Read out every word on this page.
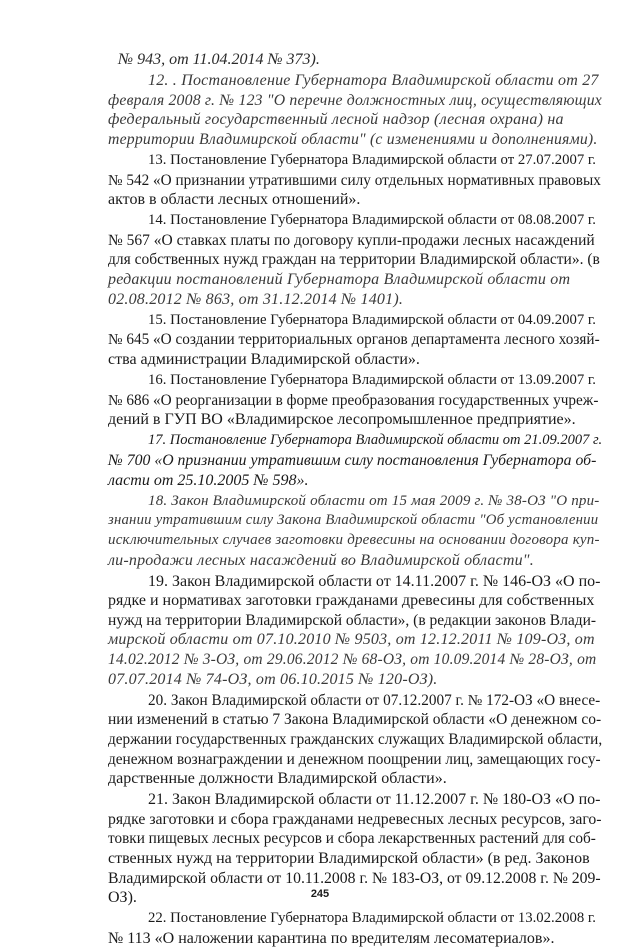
№ 943, от 11.04.2014 № 373).
12. . Постановление Губернатора Владимирской области от 27
февраля 2008 г. № 123 "О перечне должностных лиц, осуществляющих
федеральный государственный лесной надзор (лесная охрана) на
территории Владимирской области" (с изменениями и дополнениями).
13. Постановление Губернатора Владимирской области от 27.07.2007 г.
№ 542 «О признании утратившими силу отдельных нормативных правовых
актов в области лесных отношений».
14. Постановление Губернатора Владимирской области от 08.08.2007 г.
№ 567 «О ставках платы по договору купли-продажи лесных насаждений
для собственных нужд граждан на территории Владимирской области». (в
редакции постановлений Губернатора Владимирской области от
02.08.2012 № 863, от 31.12.2014 № 1401).
15. Постановление Губернатора Владимирской области от 04.09.2007 г.
№ 645 «О создании территориальных органов департамента лесного хозяй-
ства администрации Владимирской области».
16. Постановление Губернатора Владимирской области от 13.09.2007 г.
№ 686 «О реорганизации в форме преобразования государственных учреж-
дений в ГУП ВО «Владимирское лесопромышленное предприятие».
17. Постановление Губернатора Владимирской области от 21.09.2007 г.
№ 700 «О признании утратившим силу постановления Губернатора об-
ласти от 25.10.2005 № 598».
18. Закон Владимирской области от 15 мая 2009 г. № 38-ОЗ "О при-
знании утратившим силу Закона Владимирской области "Об установлении
исключительных случаев заготовки древесины на основании договора куп-
ли-продажи лесных насаждений во Владимирской области".
19. Закон Владимирской области от 14.11.2007 г. № 146-ОЗ «О по-
рядке и нормативах заготовки гражданами древесины для собственных
нужд на территории Владимирской области», (в редакции законов Влади-
мирской области от 07.10.2010 № 9503, от 12.12.2011 № 109-ОЗ, от
14.02.2012 № 3-ОЗ, от 29.06.2012 № 68-ОЗ, от 10.09.2014 № 28-ОЗ, от
07.07.2014 № 74-ОЗ, от 06.10.2015 № 120-ОЗ).
20. Закон Владимирской области от 07.12.2007 г. № 172-ОЗ «О внесе-
нии изменений в статью 7 Закона Владимирской области «О денежном со-
держании государственных гражданских служащих Владимирской области,
денежном вознаграждении и денежном поощрении лиц, замещающих госу-
дарственные должности Владимирской области».
21. Закон Владимирской области от 11.12.2007 г. № 180-ОЗ «О по-
рядке заготовки и сбора гражданами недревесных лесных ресурсов, заго-
товки пищевых лесных ресурсов и сбора лекарственных растений для соб-
ственных нужд на территории Владимирской области» (в ред. Законов
Владимирской области от 10.11.2008 г. № 183-ОЗ, от 09.12.2008 г. № 209-
ОЗ).
22. Постановление Губернатора Владимирской области от 13.02.2008 г.
№ 113 «О наложении карантина по вредителям лесоматериалов».
245
